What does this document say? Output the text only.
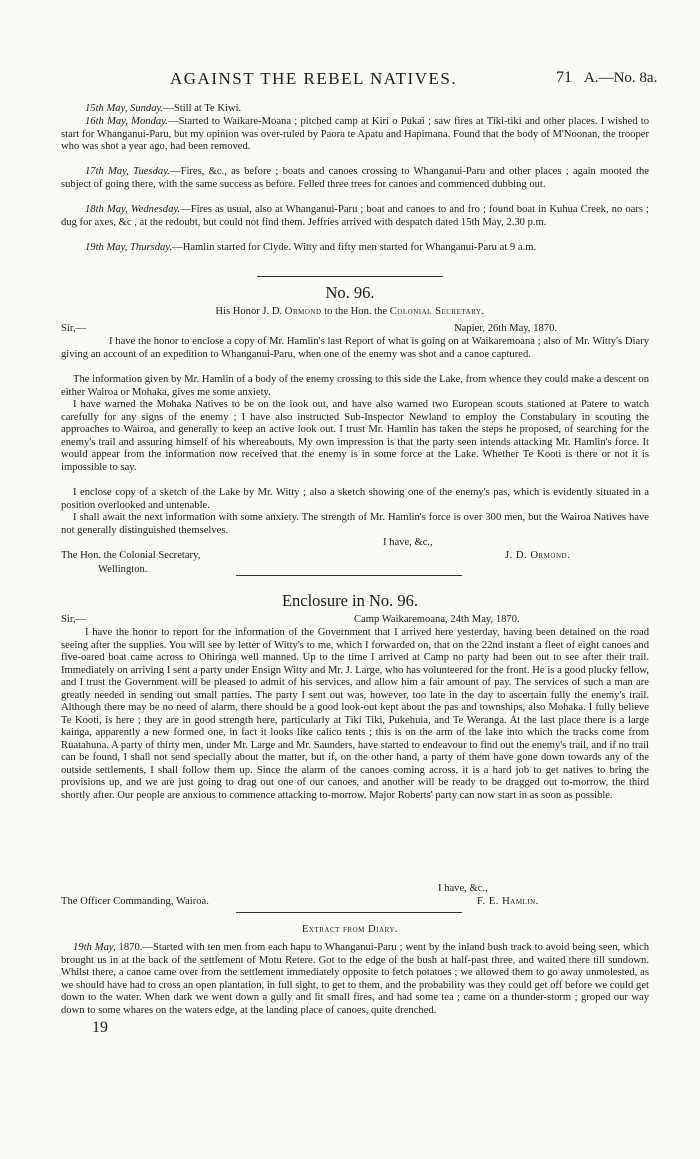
AGAINST THE REBEL NATIVES.	71 A.—No. 8a.

15th May, Sunday.—Still at Te Kiwi.

16th May, Monday.—Started to Waikare-Moana ; pitched camp at Kiri o Pukai ; saw fires at Tiki-tiki and other places. I wished to start for Whanganui-Paru, but my opinion was over-ruled by Paora te Apatu and Hapimana. Found that the body of M'Noonan, the trooper who was shot a year ago, had been removed.

17th May, Tuesday.—Fires, &c., as before ; boats and canoes crossing to Whanganui-Paru and other places ; again mooted the subject of going there, with the same success as before. Felled three trees for canoes and commenced dubbing out.

18th May, Wednesday.—Fires as usual, also at Whanganui-Paru ; boat and canoes to and fro ; found boat in Kuhua Creek, no oars ; dug for axes, &c , at the redoubt, but could not find them. Jeffries arrived with despatch dated 15th May, 2.30 p.m.

19th May, Thursday.—Hamlin started for Clyde. Witty and fifty men started for Whanganui-Paru at 9 a.m.

No. 96.

His Honor J. D. Ormond to the Hon. the Colonial Secretary.

Sir,—	Napier, 26th May, 1870.

I have the honor to enclose a copy of Mr. Hamlin's last Report of what is going on at Waikaremoana ; also of Mr. Witty's Diary giving an account of an expedition to Whanganui-Paru, when one of the enemy was shot and a canoe captured.

The information given by Mr. Hamlin of a body of the enemy crossing to this side the Lake, from whence they could make a descent on either Wairoa or Mohaka, gives me some anxiety.

I have warned the Mohaka Natives to be on the look out, and have also warned two European scouts stationed at Patere to watch carefully for any signs of the enemy ; I have also instructed Sub-Inspector Newland to employ the Constabulary in scouting the approaches to Wairoa, and generally to keep an active look out. I trust Mr. Hamlin has taken the steps he proposed, of searching for the enemy's trail and assuring himself of his whereabouts. My own impression is that the party seen intends attacking Mr. Hamlin's force. It would appear from the information now received that the enemy is in some force at the Lake. Whether Te Kooti is there or not it is impossible to say.

I enclose copy of a sketch of the Lake by Mr. Witty ; also a sketch showing one of the enemy's pas, which is evidently situated in a position overlooked and untenable.

I shall await the next information with some anxiety. The strength of Mr. Hamlin's force is over 300 men, but the Wairoa Natives have not generally distinguished themselves.

I have, &c.,
The Hon. the Colonial Secretary,	J. D. Ormond.
Wellington.

Enclosure in No. 96.

Sir,—	Camp Waikaremoana, 24th May, 1870.

I have the honor to report for the information of the Government that I arrived here yesterday, having been detained on the road seeing after the supplies. You will see by letter of Witty's to me, which I forwarded on, that on the 22nd instant a fleet of eight canoes and five-oared boat came across to Ohiringa well manned. Up to the time I arrived at Camp no party had been out to see after their trail. Immediately on arriving I sent a party under Ensign Witty and Mr. J. Large, who has volunteered for the front. He is a good plucky fellow, and I trust the Government will be pleased to admit of his services, and allow him a fair amount of pay. The services of such a man are greatly needed in sending out small parties. The party I sent out was, however, too late in the day to ascertain fully the enemy's trail. Although there may be no need of alarm, there should be a good look-out kept about the pas and townships, also Mohaka. I fully believe Te Kooti, is here ; they are in good strength here, particularly at Tiki Tiki, Pukehuia, and Te Weranga. At the last place there is a large kainga, apparently a new formed one, in fact it looks like calico tents ; this is on the arm of the lake into which the tracks come from Ruatahuna. A party of thirty men, under Mr. Large and Mr. Saunders, have started to endeavour to find out the enemy's trail, and if no trail can be found, I shall not send specially about the matter, but if, on the other hand, a party of them have gone down towards any of the outside settlements, I shall follow them up. Since the alarm of the canoes coming across, it is a hard job to get natives to bring the provisions up, and we are just going to drag out one of our canoes, and another will be ready to be dragged out to-morrow, the third shortly after. Our people are anxious to commence attacking to-morrow. Major Roberts' party can now start in as soon as possible.

I have, &c.,
The Officer Commanding, Wairoa.	F. E. Hamlin.

Extract from Diary.

19th May, 1870.—Started with ten men from each hapu to Whanganui-Paru ; went by the inland bush track to avoid being seen, which brought us in at the back of the settlement of Motu Retere. Got to the edge of the bush at half-past three, and waited there till sundown. Whilst there, a canoe came over from the settlement immediately opposite to fetch potatoes ; we allowed them to go away unmolested, as we should have had to cross an open plantation, in full sight, to get to them, and the probability was they could get off before we could get down to the water. When dark we went down a gully and lit small fires, and had some tea ; came on a thunder-storm ; groped our way down to some whares on the waters edge, at the landing place of canoes, quite drenched.

19
